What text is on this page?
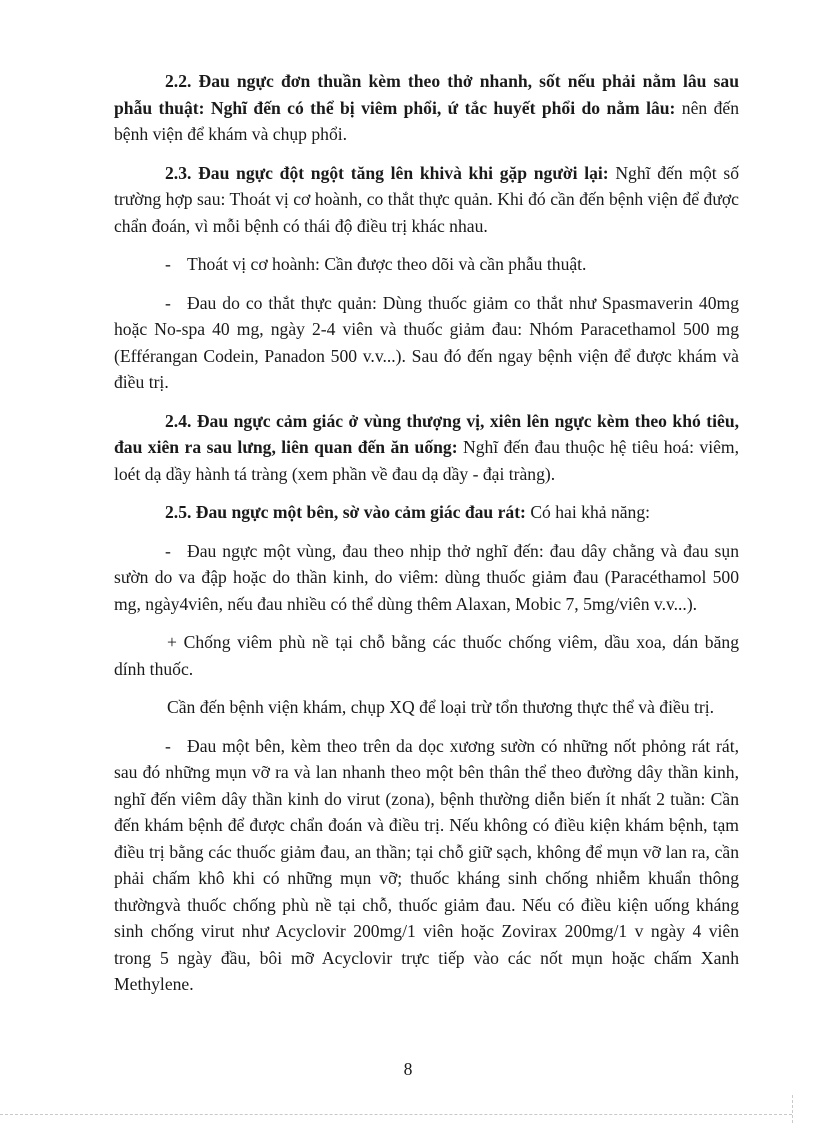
2.2. Đau ngực đơn thuần kèm theo thở nhanh, sốt nếu phải nằm lâu sau phẫu thuật: Nghĩ đến có thể bị viêm phổi, ứ tắc huyết phổi do nằm lâu: nên đến bệnh viện để khám và chụp phổi.

2.3. Đau ngực đột ngột tăng lên khivà khi gặp người lại: Nghĩ đến một số trường hợp sau: Thoát vị cơ hoành, co thắt thực quản. Khi đó cần đến bệnh viện để được chẩn đoán, vì mỗi bệnh có thái độ điều trị khác nhau.

‐ Thoát vị cơ hoành: Cần được theo dõi và cần phẫu thuật.

‐ Đau do co thắt thực quản: Dùng thuốc giảm co thắt như Spasmaverin 40mg hoặc No-spa 40 mg, ngày 2-4 viên và thuốc giảm đau: Nhóm Paracethamol 500 mg (Efférangan Codein, Panadon 500 v.v...). Sau đó đến ngay bệnh viện để được khám và điều trị.

2.4. Đau ngực cảm giác ở vùng thượng vị, xiên lên ngực kèm theo khó tiêu, đau xiên ra sau lưng, liên quan đến ăn uống: Nghĩ đến đau thuộc hệ tiêu hoá: viêm, loét dạ dầy hành tá tràng (xem phần về đau dạ dầy - đại tràng).

2.5. Đau ngực một bên, sờ vào cảm giác đau rát: Có hai khả năng:

‐ Đau ngực một vùng, đau theo nhịp thở nghĩ đến: đau dây chằng và đau sụn sườn do va đập hoặc do thần kinh, do viêm: dùng thuốc giảm đau (Paracéthamol 500 mg, ngày4viên, nếu đau nhiều có thể dùng thêm Alaxan, Mobic 7, 5mg/viên v.v...).

+ Chống viêm phù nề tại chỗ bằng các thuốc chống viêm, dầu xoa, dán băng dính thuốc.

Cần đến bệnh viện khám, chụp XQ để loại trừ tổn thương thực thể và điều trị.

‐ Đau một bên, kèm theo trên da dọc xương sườn có những nốt phỏng rát rát, sau đó những mụn vỡ ra và lan nhanh theo một bên thân thể theo đường dây thần kinh, nghĩ đến viêm dây thần kinh do virut (zona), bệnh thường diễn biến ít nhất 2 tuần: Cần đến khám bệnh để được chẩn đoán và điều trị. Nếu không có điều kiện khám bệnh, tạm điều trị bằng các thuốc giảm đau, an thần; tại chỗ giữ sạch, không để mụn vỡ lan ra, cần phải chấm khô khi có những mụn vỡ; thuốc kháng sinh chống nhiễm khuẩn thông thườngvà thuốc chống phù nề tại chỗ, thuốc giảm đau. Nếu có điều kiện uống kháng sinh chống virut như Acyclovir 200mg/1 viên hoặc Zovirax 200mg/1 v ngày 4 viên trong 5 ngày đầu, bôi mỡ Acyclovir trực tiếp vào các nốt mụn hoặc chấm Xanh Methylene.

8
